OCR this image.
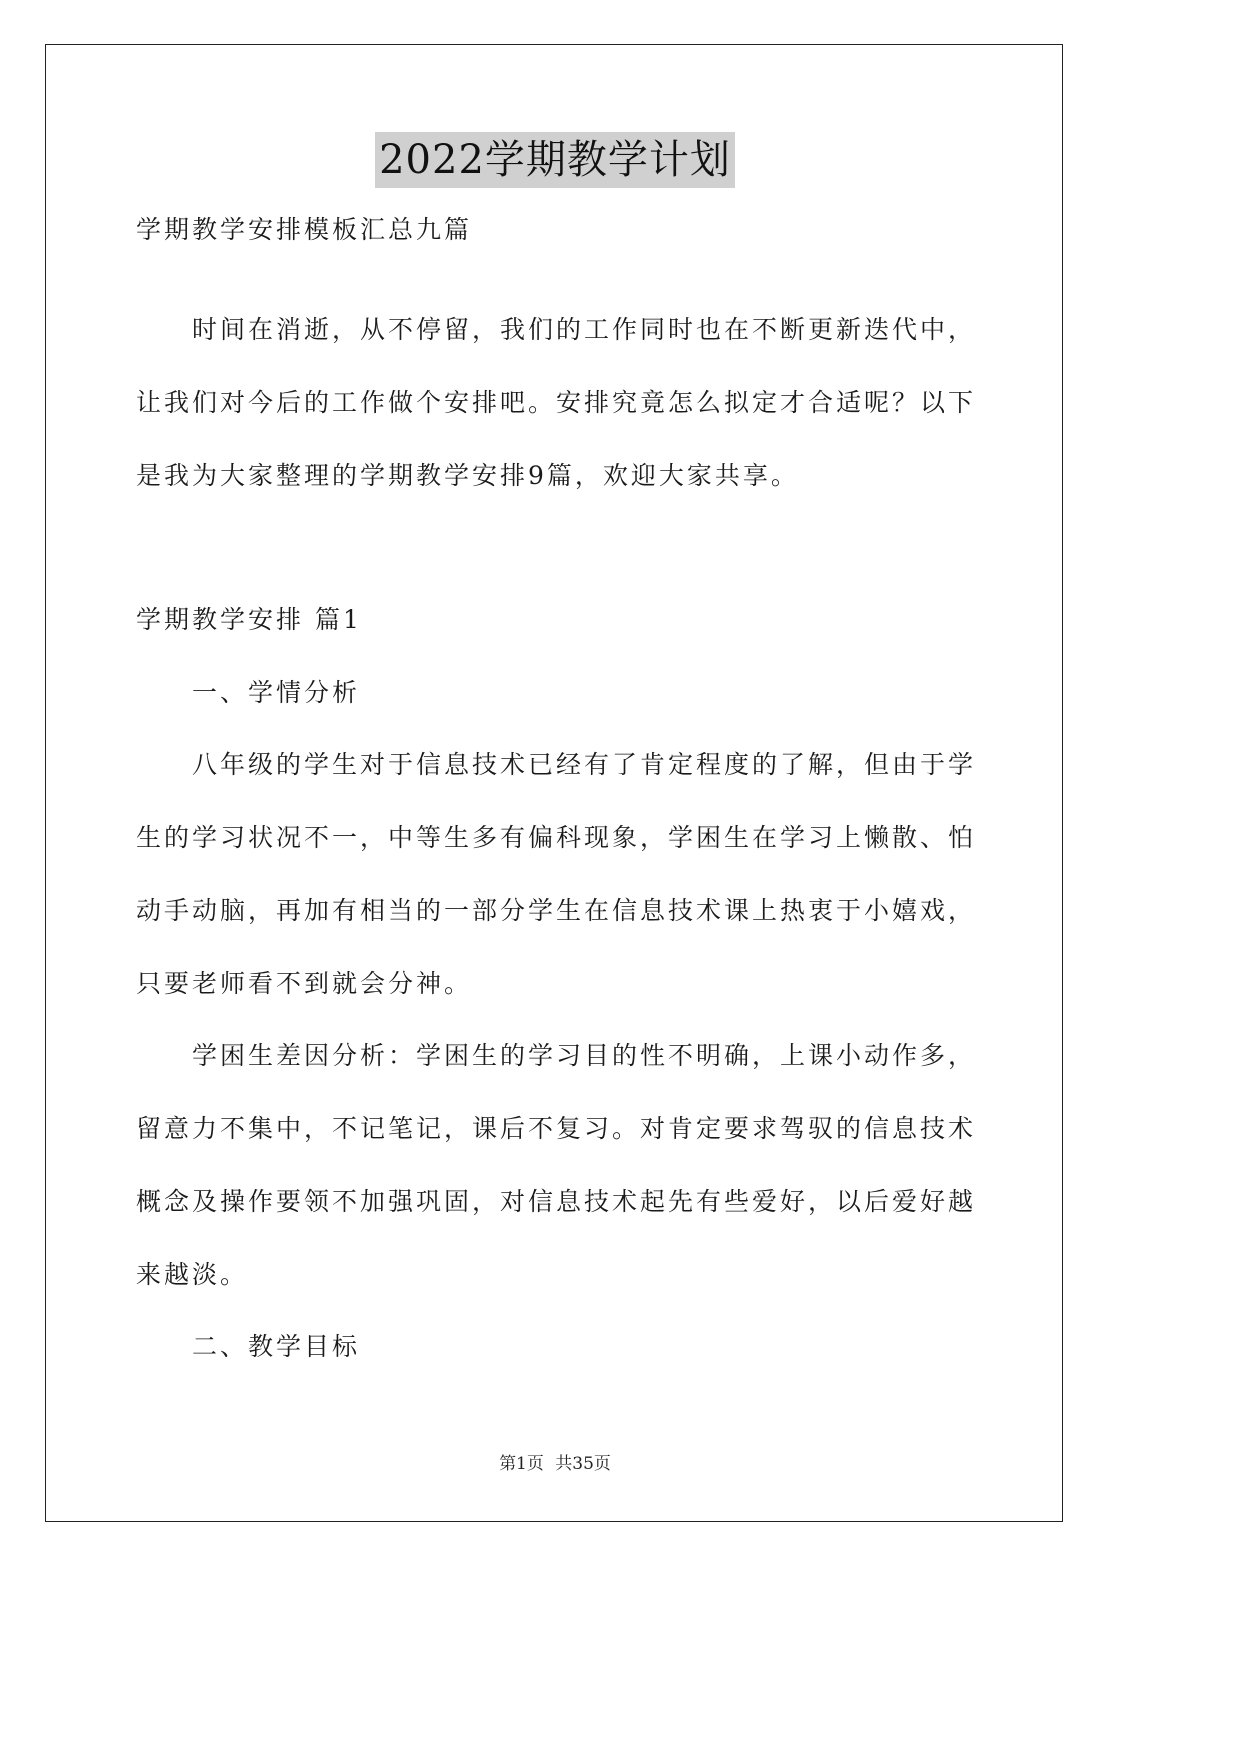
2022学期教学计划
学期教学安排模板汇总九篇
时间在消逝，从不停留，我们的工作同时也在不断更新迭代中，
让我们对今后的工作做个安排吧。安排究竟怎么拟定才合适呢？以下
是我为大家整理的学期教学安排9篇，欢迎大家共享。
学期教学安排 篇1
一、学情分析
八年级的学生对于信息技术已经有了肯定程度的了解，但由于学
生的学习状况不一，中等生多有偏科现象，学困生在学习上懒散、怕
动手动脑，再加有相当的一部分学生在信息技术课上热衷于小嬉戏，
只要老师看不到就会分神。
学困生差因分析：学困生的学习目的性不明确，上课小动作多，
留意力不集中，不记笔记，课后不复习。对肯定要求驾驭的信息技术
概念及操作要领不加强巩固，对信息技术起先有些爱好，以后爱好越
来越淡。
二、教学目标
第1页 共35页
